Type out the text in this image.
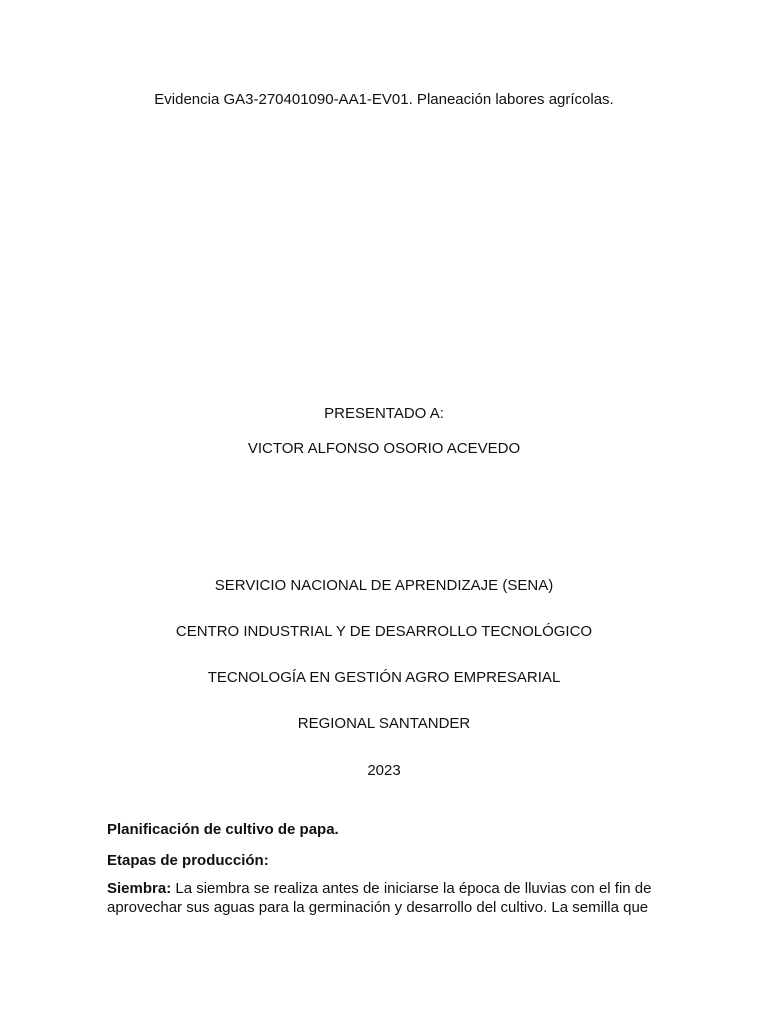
Evidencia GA3-270401090-AA1-EV01. Planeación labores agrícolas.
PRESENTADO A:
VICTOR ALFONSO OSORIO ACEVEDO
SERVICIO NACIONAL DE APRENDIZAJE (SENA)
CENTRO INDUSTRIAL Y DE DESARROLLO TECNOLÓGICO
TECNOLOGÍA EN GESTIÓN AGRO EMPRESARIAL
REGIONAL SANTANDER
2023
Planificación de cultivo de papa.
Etapas de producción:
Siembra: La siembra se realiza antes de iniciarse la época de lluvias con el fin de aprovechar sus aguas para la germinación y desarrollo del cultivo. La semilla que
